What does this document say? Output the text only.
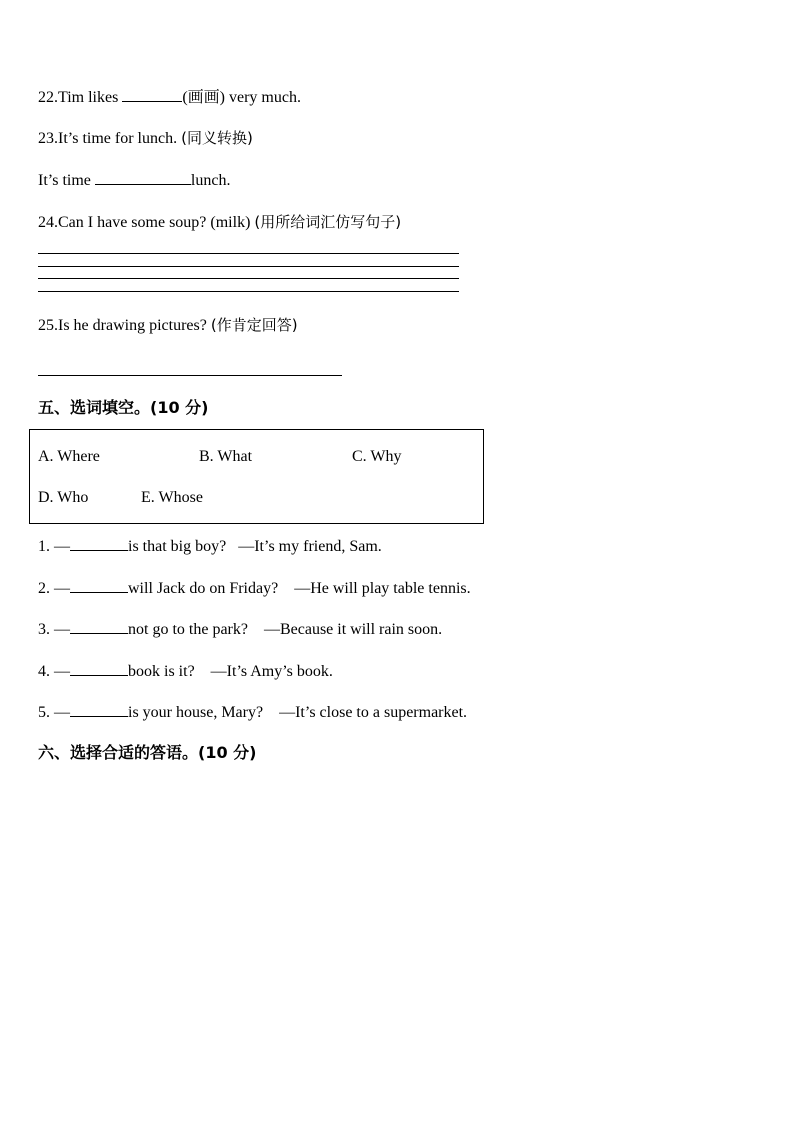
22.Tim likes	(画画) very much.
23.It’s time for lunch. (同义转换)
It’s time	lunch.
24.Can I have some soup? (milk) (用所给词汇仿写句子)
25.Is he drawing pictures? (作肯定回答)
五、选词填空。(10 分)
A. Where	B. What	C. Why
D. Who	E. Whose
1. —	is that big boy? —It’s my friend, Sam.
2. —	will Jack do on Friday? —He will play table tennis.
3. —	not go to the park? —Because it will rain soon.
4. —	book is it? —It’s Amy’s book.
5. —	is your house, Mary? —It’s close to a supermarket.
六、选择合适的答语。(10 分)
